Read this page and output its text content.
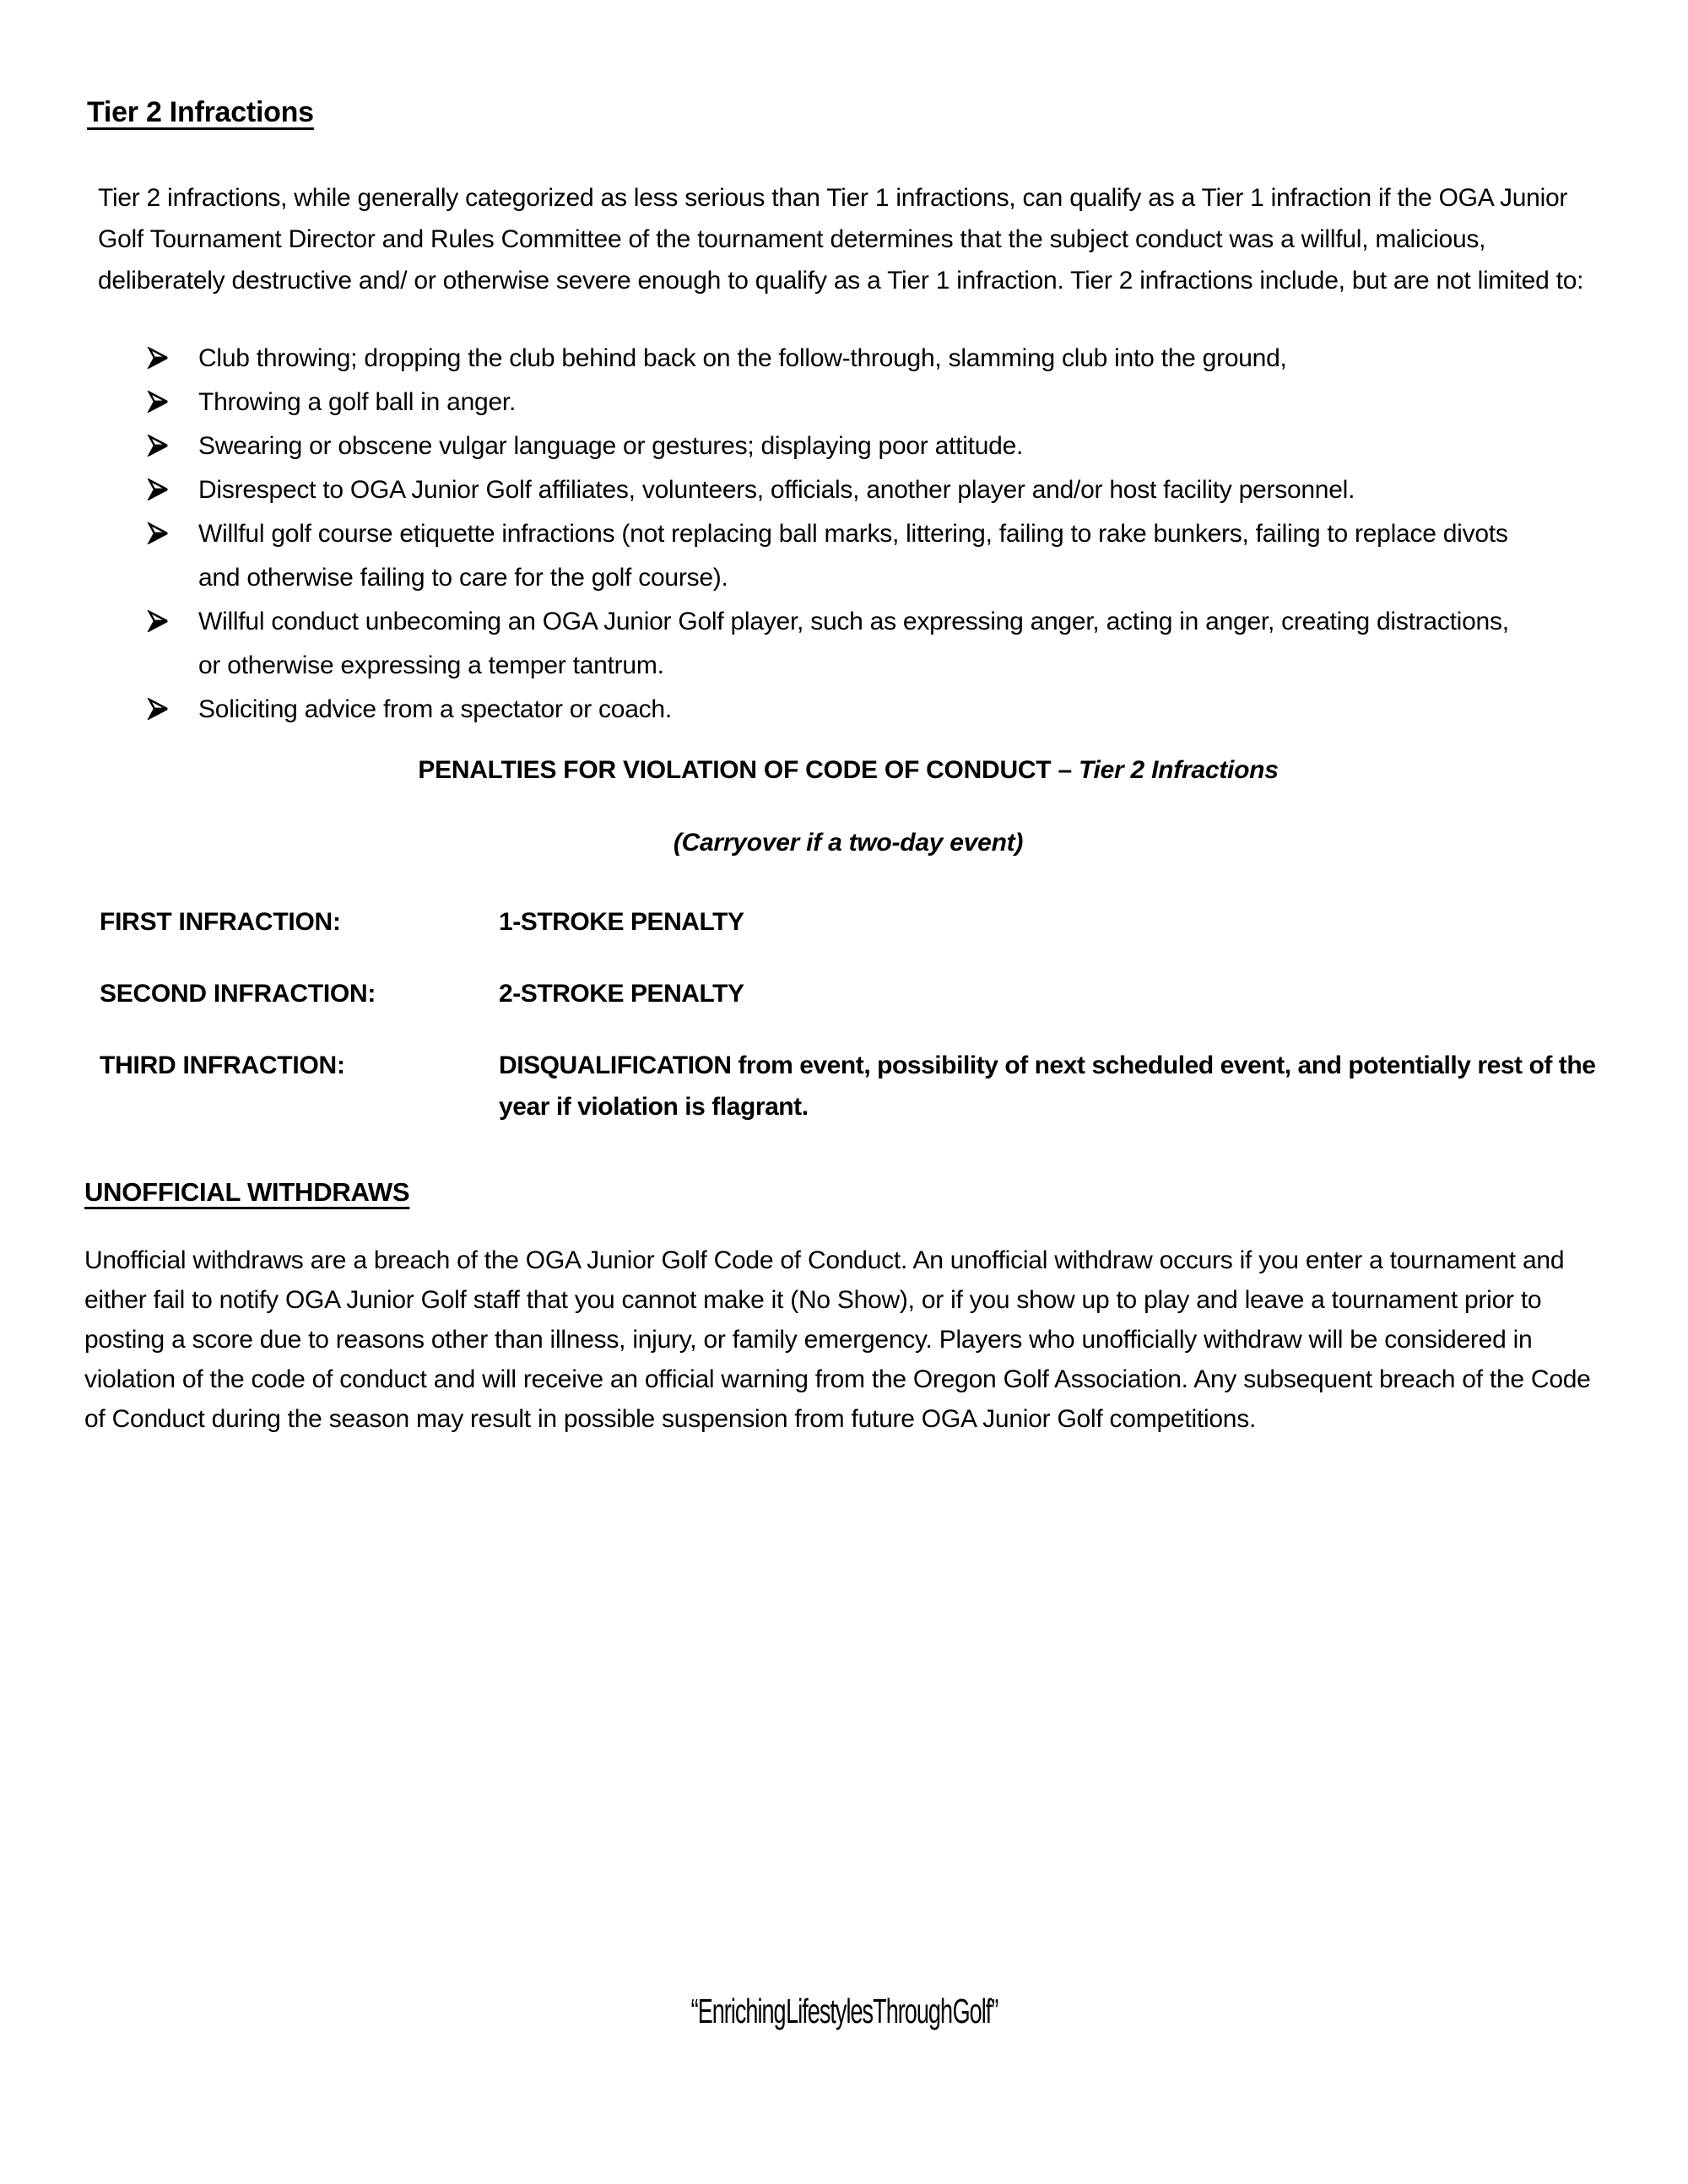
Tier 2 Infractions

Tier 2 infractions, while generally categorized as less serious than Tier 1 infractions, can qualify as a Tier 1 infraction if the OGA Junior Golf Tournament Director and Rules Committee of the tournament determines that the subject conduct was a willful, malicious, deliberately destructive and/ or otherwise severe enough to qualify as a Tier 1 infraction. Tier 2 infractions include, but are not limited to:

Club throwing; dropping the club behind back on the follow-through, slamming club into the ground,
Throwing a golf ball in anger.
Swearing or obscene vulgar language or gestures; displaying poor attitude.
Disrespect to OGA Junior Golf affiliates, volunteers, officials, another player and/or host facility personnel.
Willful golf course etiquette infractions (not replacing ball marks, littering, failing to rake bunkers, failing to replace divots and otherwise failing to care for the golf course).
Willful conduct unbecoming an OGA Junior Golf player, such as expressing anger, acting in anger, creating distractions, or otherwise expressing a temper tantrum.
Soliciting advice from a spectator or coach.
PENALTIES FOR VIOLATION OF CODE OF CONDUCT – Tier 2 Infractions
(Carryover if a two-day event)
FIRST INFRACTION:	1-STROKE PENALTY
SECOND INFRACTION:	2-STROKE PENALTY
THIRD INFRACTION:	DISQUALIFICATION from event, possibility of next scheduled event, and potentially rest of the year if violation is flagrant.
UNOFFICIAL WITHDRAWS

Unofficial withdraws are a breach of the OGA Junior Golf Code of Conduct. An unofficial withdraw occurs if you enter a tournament and either fail to notify OGA Junior Golf staff that you cannot make it (No Show), or if you show up to play and leave a tournament prior to posting a score due to reasons other than illness, injury, or family emergency. Players who unofficially withdraw will be considered in violation of the code of conduct and will receive an official warning from the Oregon Golf Association. Any subsequent breach of the Code of Conduct during the season may result in possible suspension from future OGA Junior Golf competitions.

“Enriching Lifestyles Through Golf”
